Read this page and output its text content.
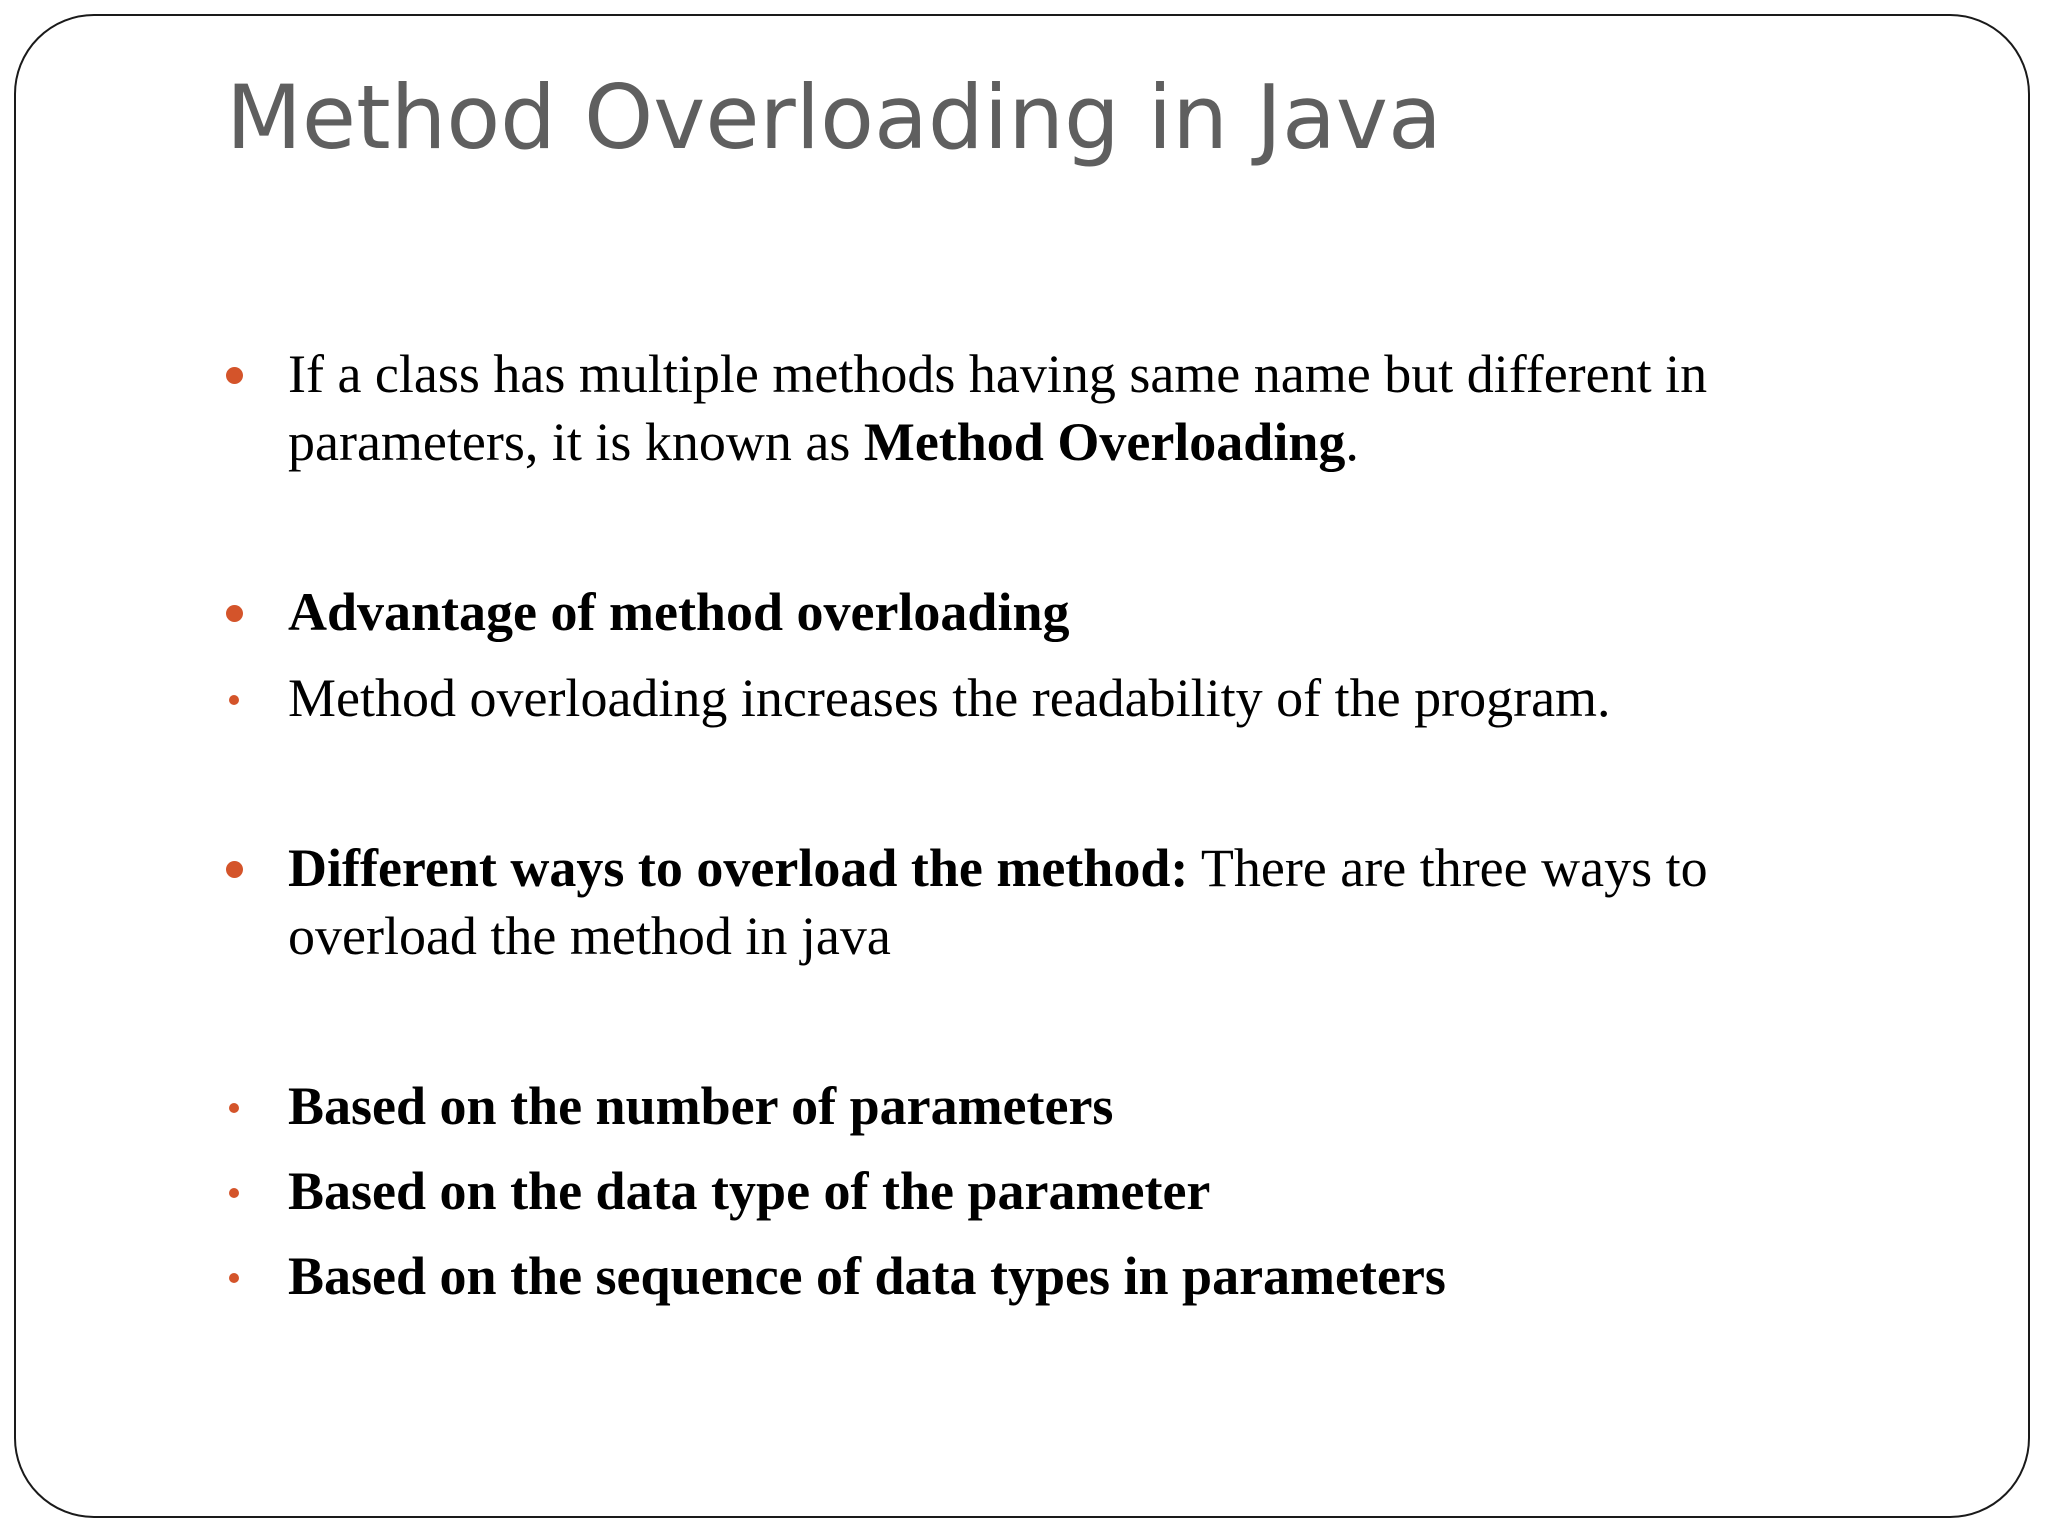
Method Overloading in Java
If a class has multiple methods having same name but different in parameters, it is known as Method Overloading.
Advantage of method overloading
Method overloading increases the readability of the program.
Different ways to overload the method: There are three ways to overload the method in java
Based on the number of parameters
Based on the data type of the parameter
Based on the sequence of data types in parameters
